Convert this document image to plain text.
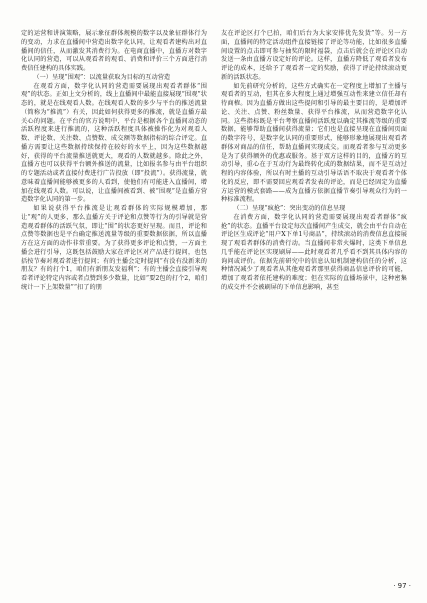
定的运营和讲演策略，展示象征群体规模的数字以及象征群体行为的变动，力求在直播间中营造出数字化认同，让观看者建构出对直播间的信任，从而激发其消费行为。在电商直播中，直播方对数字化认同的营造，可以从观看者的观看、消费和评价三个方面进行消费信任建构的具体实践。

（一）呈现“围观”：以流量获取为目标的互动营造

在观看方面，数字化认同的营造需要展现出观看者群体“围观”的状态。正如上文分析的，线上直播间中最能直接展现“围观”状态的，就是在线观看人数。在线观看人数的多少与平台的推送流量（简称为“推流”）有关，因此如何获得更多的推流，就是直播方最关心的问题。在平台的官方说明中，平台是根据各个直播间动态的活跃程度来进行推流的，这种活跃程度具体被操作化为对观看人数、评论数、关注数、点赞数、成交额等数据指标的综合评定。直播方需要让这些数据持续保持在较好的水平上，因为这些数据越好，获得的平台流量推送就更大，观看的人数就越多。除此之外，直播方也可以获得平台额外推送的流量，比如报名参与由平台组织的专题活动或者直接付费进行广告投放（即“投流”）。获得流量，就意味着直播间能够被更多的人看到，使他们有可能进入直播间，增加在线观看人数。可以说，让直播间被看到、被“围观”是直播方营造数字化认同的第一步。

如果说获得平台推流是让观看群体的实际规模增加，那让“观”的人更多，那么直播方关于评论和点赞等行为的引导就是营造观看群体的活跃气氛，即让“围”的状态更好呈现。而且，评论和点赞等数据也是平台确定推送流量等级的重要数据依据，所以直播方在这方面的动作非常重要。为了获得更多评论和点赞，一方面主播会进行引导，这既包括鼓励大家在评论区对产品进行提问，也包括按节奏对观看者进行提问；有的主播会定时提问“有没有没新来的朋友？有的打个1，咱们有新朋友发福利”；有的主播会直接引导观看者评论特定内容或者点赞到多少数量，比如“要2包的打个2，咱们统计一下上架数量”“扣了的朋

友在评论区打个已拍，咱们后台为大家安排优先发货”等。另一方面，直播间的特定活动组件直接链接了评论等功能，比如很多直播间设置的点击即可参与抽奖的限时福袋，点击后就会在评论区自动发送一条由直播方设定好的评论。这样，直播方降低了观看者发布评论的成本，还给予了观看者一定的奖励，获得了评论持续滚动更新的活跃状态。

如先前研究分析的，这些方式确实在一定程度上增加了主播与观看者的互动，但其在多大程度上通过增强互动性来建立信任却有待商榷。因为直播方做出这些提问和引导的最主要目的，是增加评论、关注、点赞、粉丝数量、获得平台推流，从而营造数字化认同。这些指标既是平台考察直播间活跃度以确定其推流等级的重要数据，能够帮助直播间获得流量；它们也是直接呈现在直播间页面的数字符号，是数字化认同的重要形式，能够形象地展现出观看者群体对商品的信任，帮助直播间实现成交。而观看者参与互动更多是为了获得额外的优惠或服务。基于双方这样的目的，直播方的互动引导，重心在于互动行为最终转化成的数据结果，而不是互动过程的内容体验，所以有时主播的互动引导话语不取决于观看者个体化的反应，即不需要回应观看者发表的评论，而是已经固定为直播方运营的模式套路——成为直播方依据直播节奏引导观众行为的一种标准流程。

（二）呈现“疯抢”：突出变动的信息呈现

在消费方面，数字化认同的营造需要展现出观看者群体“疯抢”的状态。直播平台设定每次直播间产生成交，就会由平台自动在评论区生成评论“用户X下单1号商品”，持续滚动的消费信息直接展现了观看者群体的消费行动。当直播间非常火爆时，这类下单信息几乎能在评论区实现刷屏——此时观看者几乎看不到其具体内容的询问或评价。依据先前研究中的信息认知机制建构信任的分析，这种情况减少了观看者从其他观看者那里获得商品信息评价的可能，增加了观看者依托建构的难度；但在实际的直播场景中，这种密集的成交并不会被刷屏的下单信息影响，甚至

· 97 ·
